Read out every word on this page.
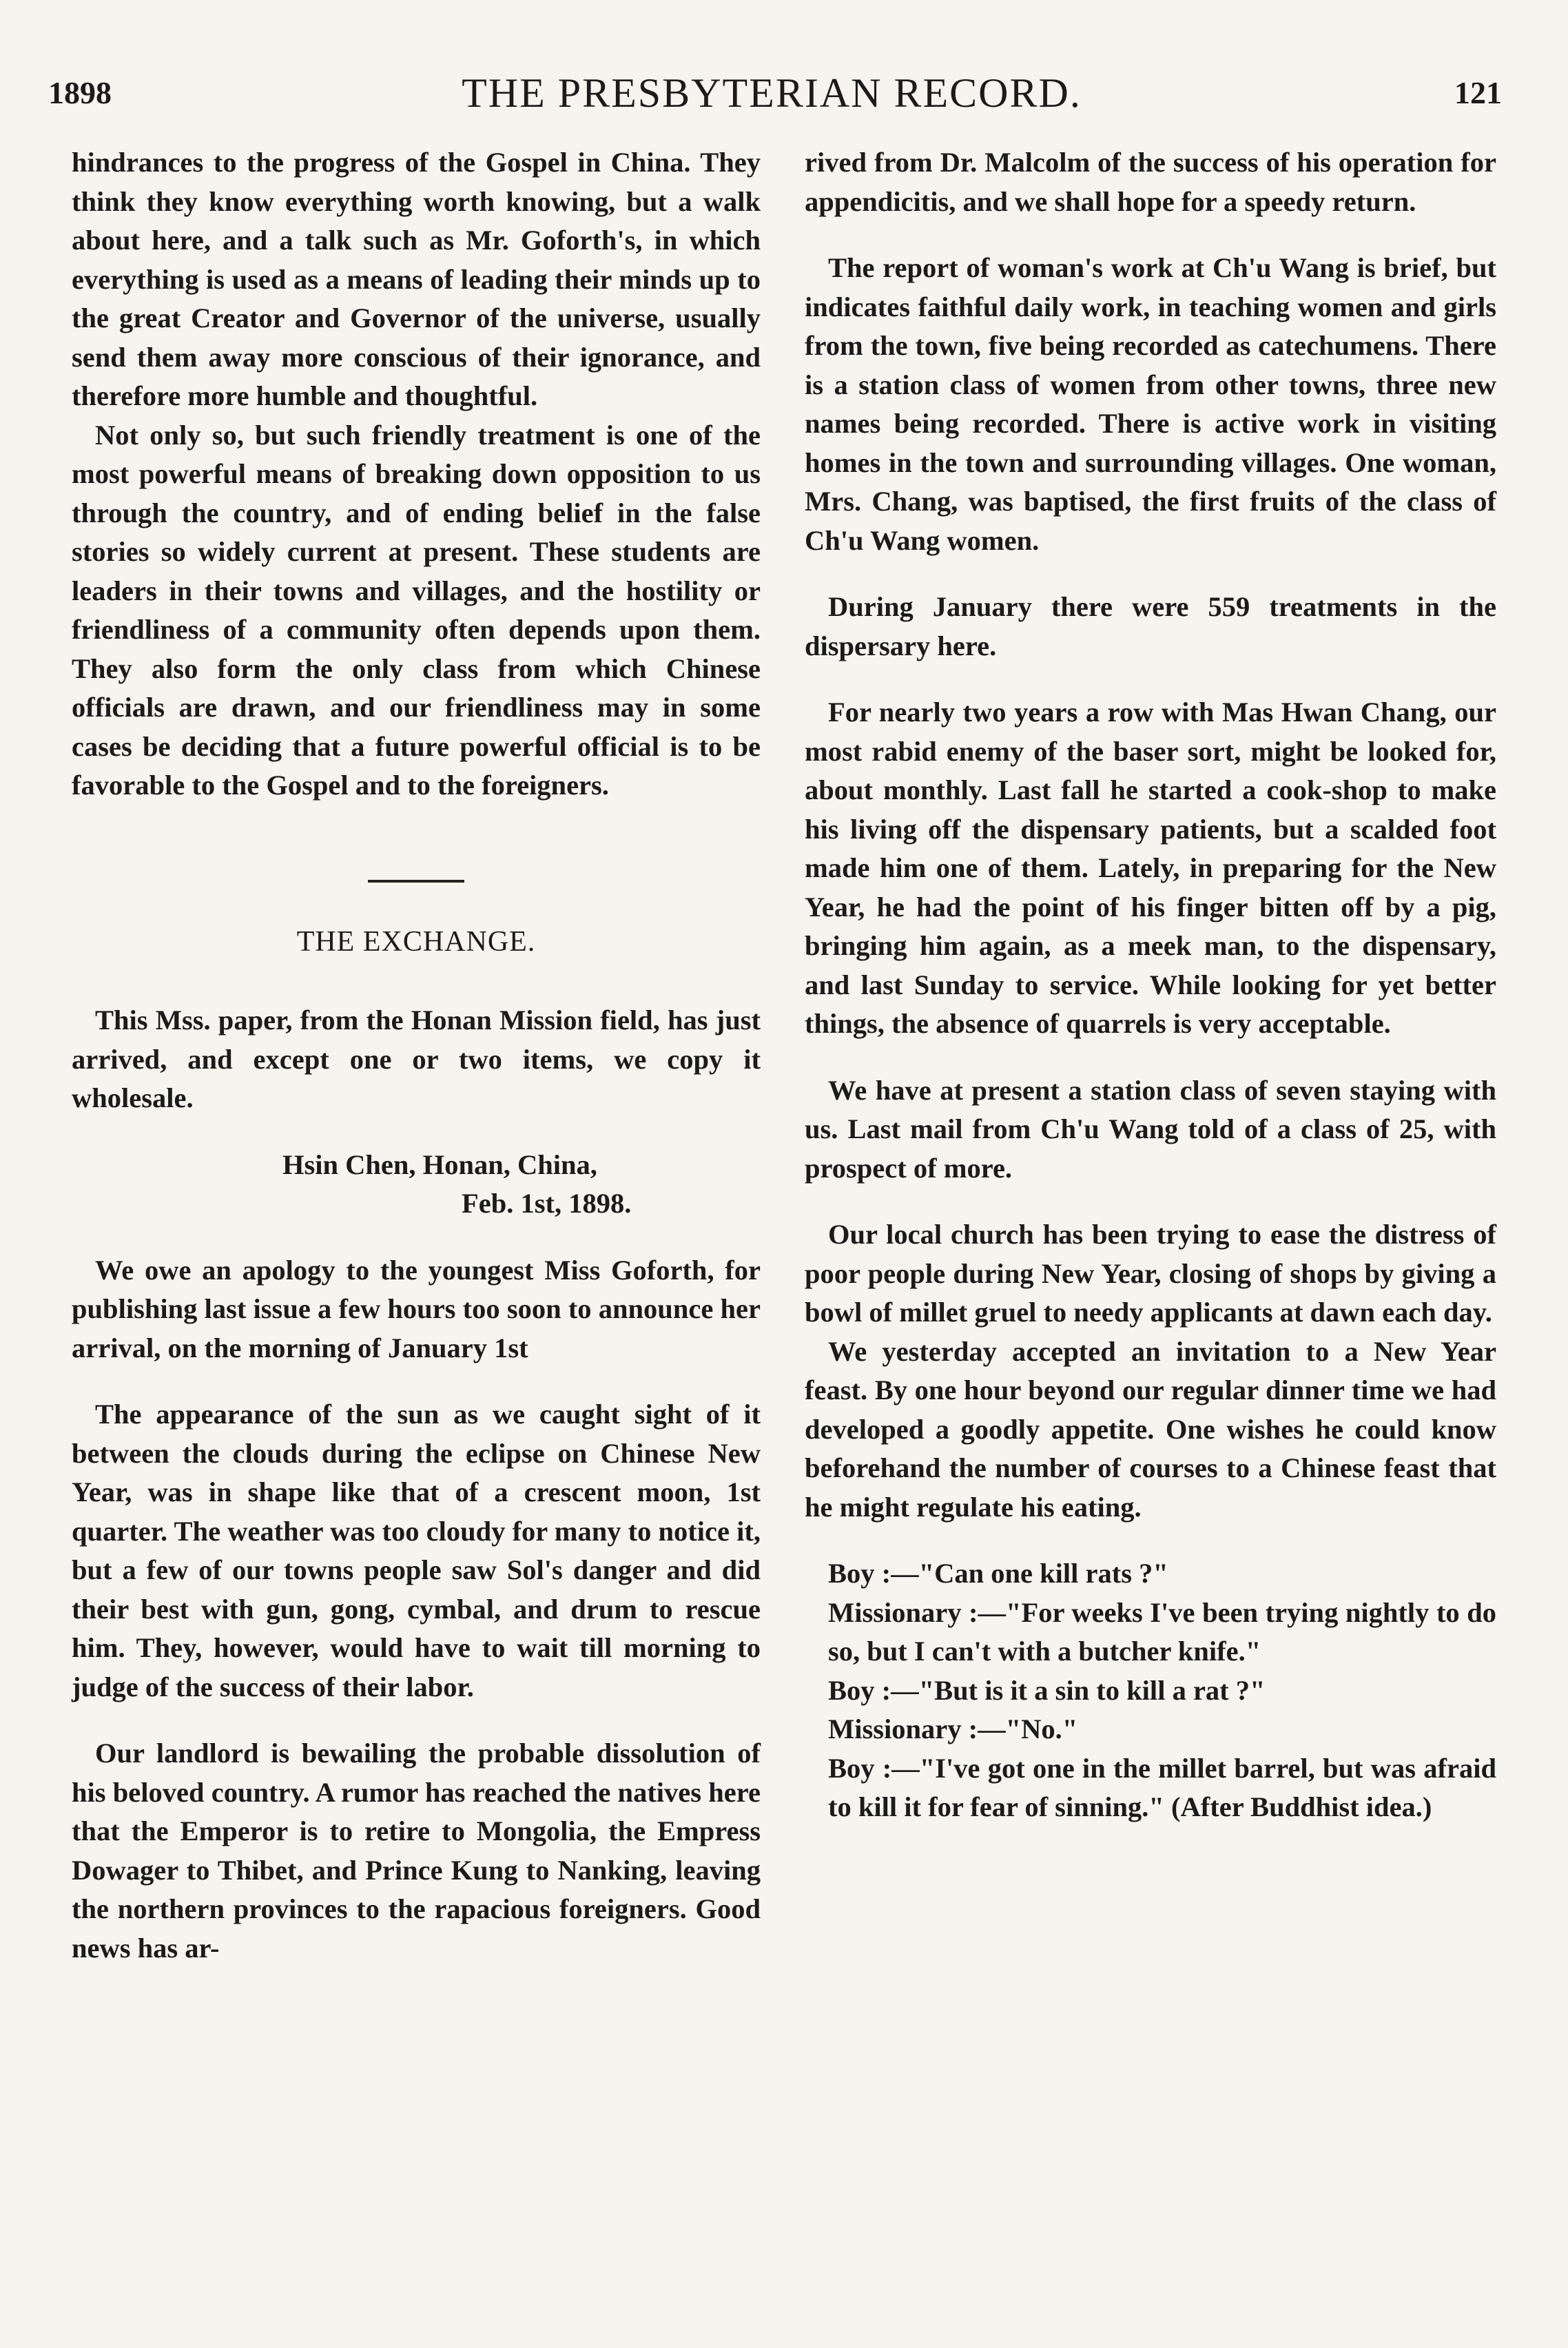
THE PRESBYTERIAN RECORD.
1898	121

hindrances to the progress of the Gospel in China. They think they know everything worth knowing, but a walk about here, and a talk such as Mr. Goforth's, in which everything is used as a means of leading their minds up to the great Creator and Governor of the universe, usually send them away more conscious of their ignorance, and therefore more humble and thoughtful.

Not only so, but such friendly treatment is one of the most powerful means of breaking down opposition to us through the country, and of ending belief in the false stories so widely current at present. These students are leaders in their towns and villages, and the hostility or friendliness of a community often depends upon them. They also form the only class from which Chinese officials are drawn, and our friendliness may in some cases be deciding that a future powerful official is to be favorable to the Gospel and to the foreigners.

THE EXCHANGE.

This Mss. paper, from the Honan Mission field, has just arrived, and except one or two items, we copy it wholesale.

Hsin Chen, Honan, China,

Feb. 1st, 1898.

We owe an apology to the youngest Miss Goforth, for publishing last issue a few hours too soon to announce her arrival, on the morning of January 1st

The appearance of the sun as we caught sight of it between the clouds during the eclipse on Chinese New Year, was in shape like that of a crescent moon, 1st quarter. The weather was too cloudy for many to notice it, but a few of our towns people saw Sol's danger and did their best with gun, gong, cymbal, and drum to rescue him. They, however, would have to wait till morning to judge of the success of their labor.

Our landlord is bewailing the probable dissolution of his beloved country. A rumor has reached the natives here that the Emperor is to retire to Mongolia, the Empress Dowager to Thibet, and Prince Kung to Nanking, leaving the northern provinces to the rapacious foreigners. Good news has ar-

rived from Dr. Malcolm of the success of his operation for appendicitis, and we shall hope for a speedy return.

The report of woman's work at Ch'u Wang is brief, but indicates faithful daily work, in teaching women and girls from the town, five being recorded as catechumens. There is a station class of women from other towns, three new names being recorded. There is active work in visiting homes in the town and surrounding villages. One woman, Mrs. Chang, was baptised, the first fruits of the class of Ch'u Wang women.

During January there were 559 treatments in the dispersary here.

For nearly two years a row with Mas Hwan Chang, our most rabid enemy of the baser sort, might be looked for, about monthly. Last fall he started a cook-shop to make his living off the dispensary patients, but a scalded foot made him one of them. Lately, in preparing for the New Year, he had the point of his finger bitten off by a pig, bringing him again, as a meek man, to the dispensary, and last Sunday to service. While looking for yet better things, the absence of quarrels is very acceptable.

We have at present a station class of seven staying with us. Last mail from Ch'u Wang told of a class of 25, with prospect of more.

Our local church has been trying to ease the distress of poor people during New Year, closing of shops by giving a bowl of millet gruel to needy applicants at dawn each day.

We yesterday accepted an invitation to a New Year feast. By one hour beyond our regular dinner time we had developed a goodly appetite. One wishes he could know beforehand the number of courses to a Chinese feast that he might regulate his eating.

Boy :—"Can one kill rats ?"

Missionary :—"For weeks I've been trying nightly to do so, but I can't with a butcher knife."

Boy :—"But is it a sin to kill a rat ?"

Missionary :—"No."

Boy :—"I've got one in the millet barrel, but was afraid to kill it for fear of sinning." (After Buddhist idea.)
